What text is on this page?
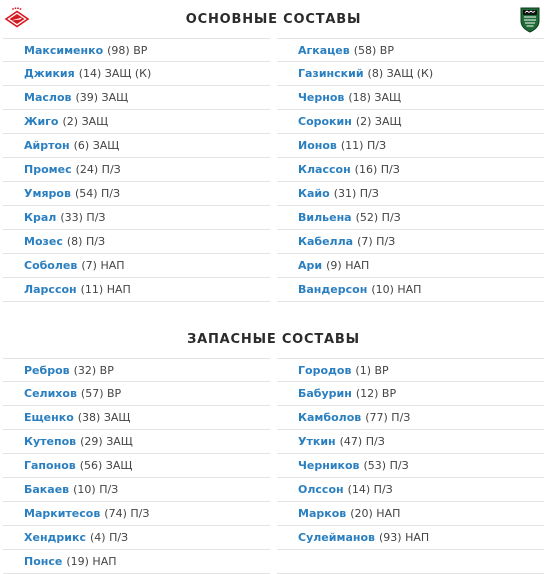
ОСНОВНЫЕ СОСТАВЫ
Максименко (98) ВР
Джикия (14) ЗАЩ (К)
Маслов (39) ЗАЩ
Жиго (2) ЗАЩ
Айртон (6) ЗАЩ
Промес (24) П/З
Умяров (54) П/З
Крал (33) П/З
Мозес (8) П/З
Соболев (7) НАП
Ларссон (11) НАП
Агкацев (58) ВР
Газинский (8) ЗАЩ (К)
Чернов (18) ЗАЩ
Сорокин (2) ЗАЩ
Ионов (11) П/З
Классон (16) П/З
Кайо (31) П/З
Вильена (52) П/З
Кабелла (7) П/З
Ари (9) НАП
Вандерсон (10) НАП
ЗАПАСНЫЕ СОСТАВЫ
Ребров (32) ВР
Селихов (57) ВР
Ещенко (38) ЗАЩ
Кутепов (29) ЗАЩ
Гапонов (56) ЗАЩ
Бакаев (10) П/З
Маркитесов (74) П/З
Хендрикс (4) П/З
Понсе (19) НАП
Городов (1) ВР
Бабурин (12) ВР
Камболов (77) П/З
Уткин (47) П/З
Черников (53) П/З
Олссон (14) П/З
Марков (20) НАП
Сулейманов (93) НАП
